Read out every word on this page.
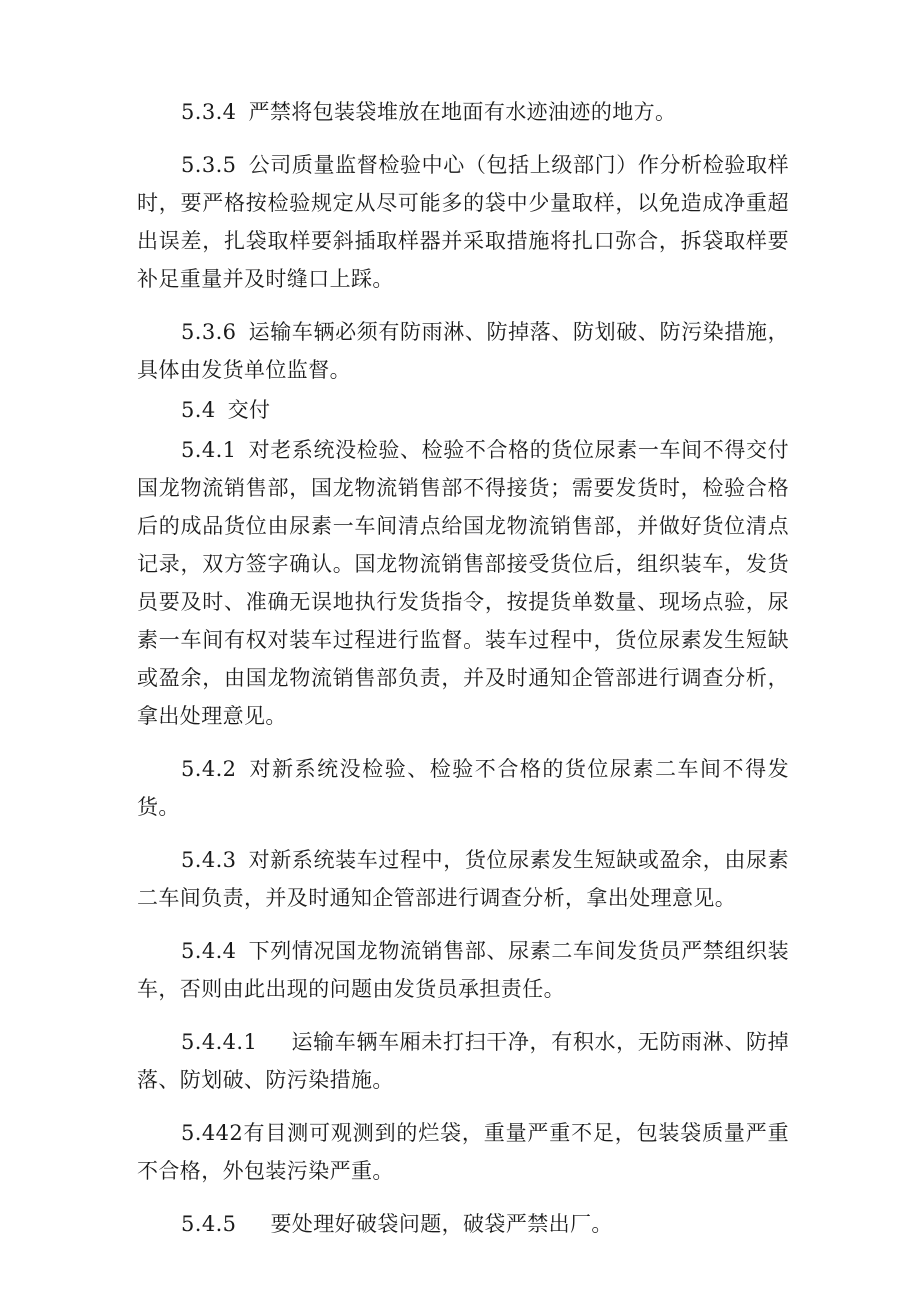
5.3.4 严禁将包装袋堆放在地面有水迹油迹的地方。

5.3.5 公司质量监督检验中心（包括上级部门）作分析检验取样时，要严格按检验规定从尽可能多的袋中少量取样，以免造成净重超出误差，扎袋取样要斜插取样器并采取措施将扎口弥合，拆袋取样要补足重量并及时缝口上踩。

5.3.6 运输车辆必须有防雨淋、防掉落、防划破、防污染措施，具体由发货单位监督。

5.4 交付

5.4.1 对老系统没检验、检验不合格的货位尿素一车间不得交付国龙物流销售部，国龙物流销售部不得接货；需要发货时，检验合格后的成品货位由尿素一车间清点给国龙物流销售部，并做好货位清点记录，双方签字确认。国龙物流销售部接受货位后，组织装车，发货员要及时、准确无误地执行发货指令，按提货单数量、现场点验，尿素一车间有权对装车过程进行监督。装车过程中，货位尿素发生短缺或盈余，由国龙物流销售部负责，并及时通知企管部进行调查分析，拿出处理意见。

5.4.2 对新系统没检验、检验不合格的货位尿素二车间不得发货。

5.4.3 对新系统装车过程中，货位尿素发生短缺或盈余，由尿素二车间负责，并及时通知企管部进行调查分析，拿出处理意见。

5.4.4 下列情况国龙物流销售部、尿素二车间发货员严禁组织装车，否则由此出现的问题由发货员承担责任。

5.4.4.1 运输车辆车厢未打扫干净，有积水，无防雨淋、防掉落、防划破、防污染措施。

5.442有目测可观测到的烂袋，重量严重不足，包装袋质量严重不合格，外包装污染严重。

5.4.5 要处理好破袋问题，破袋严禁出厂。
